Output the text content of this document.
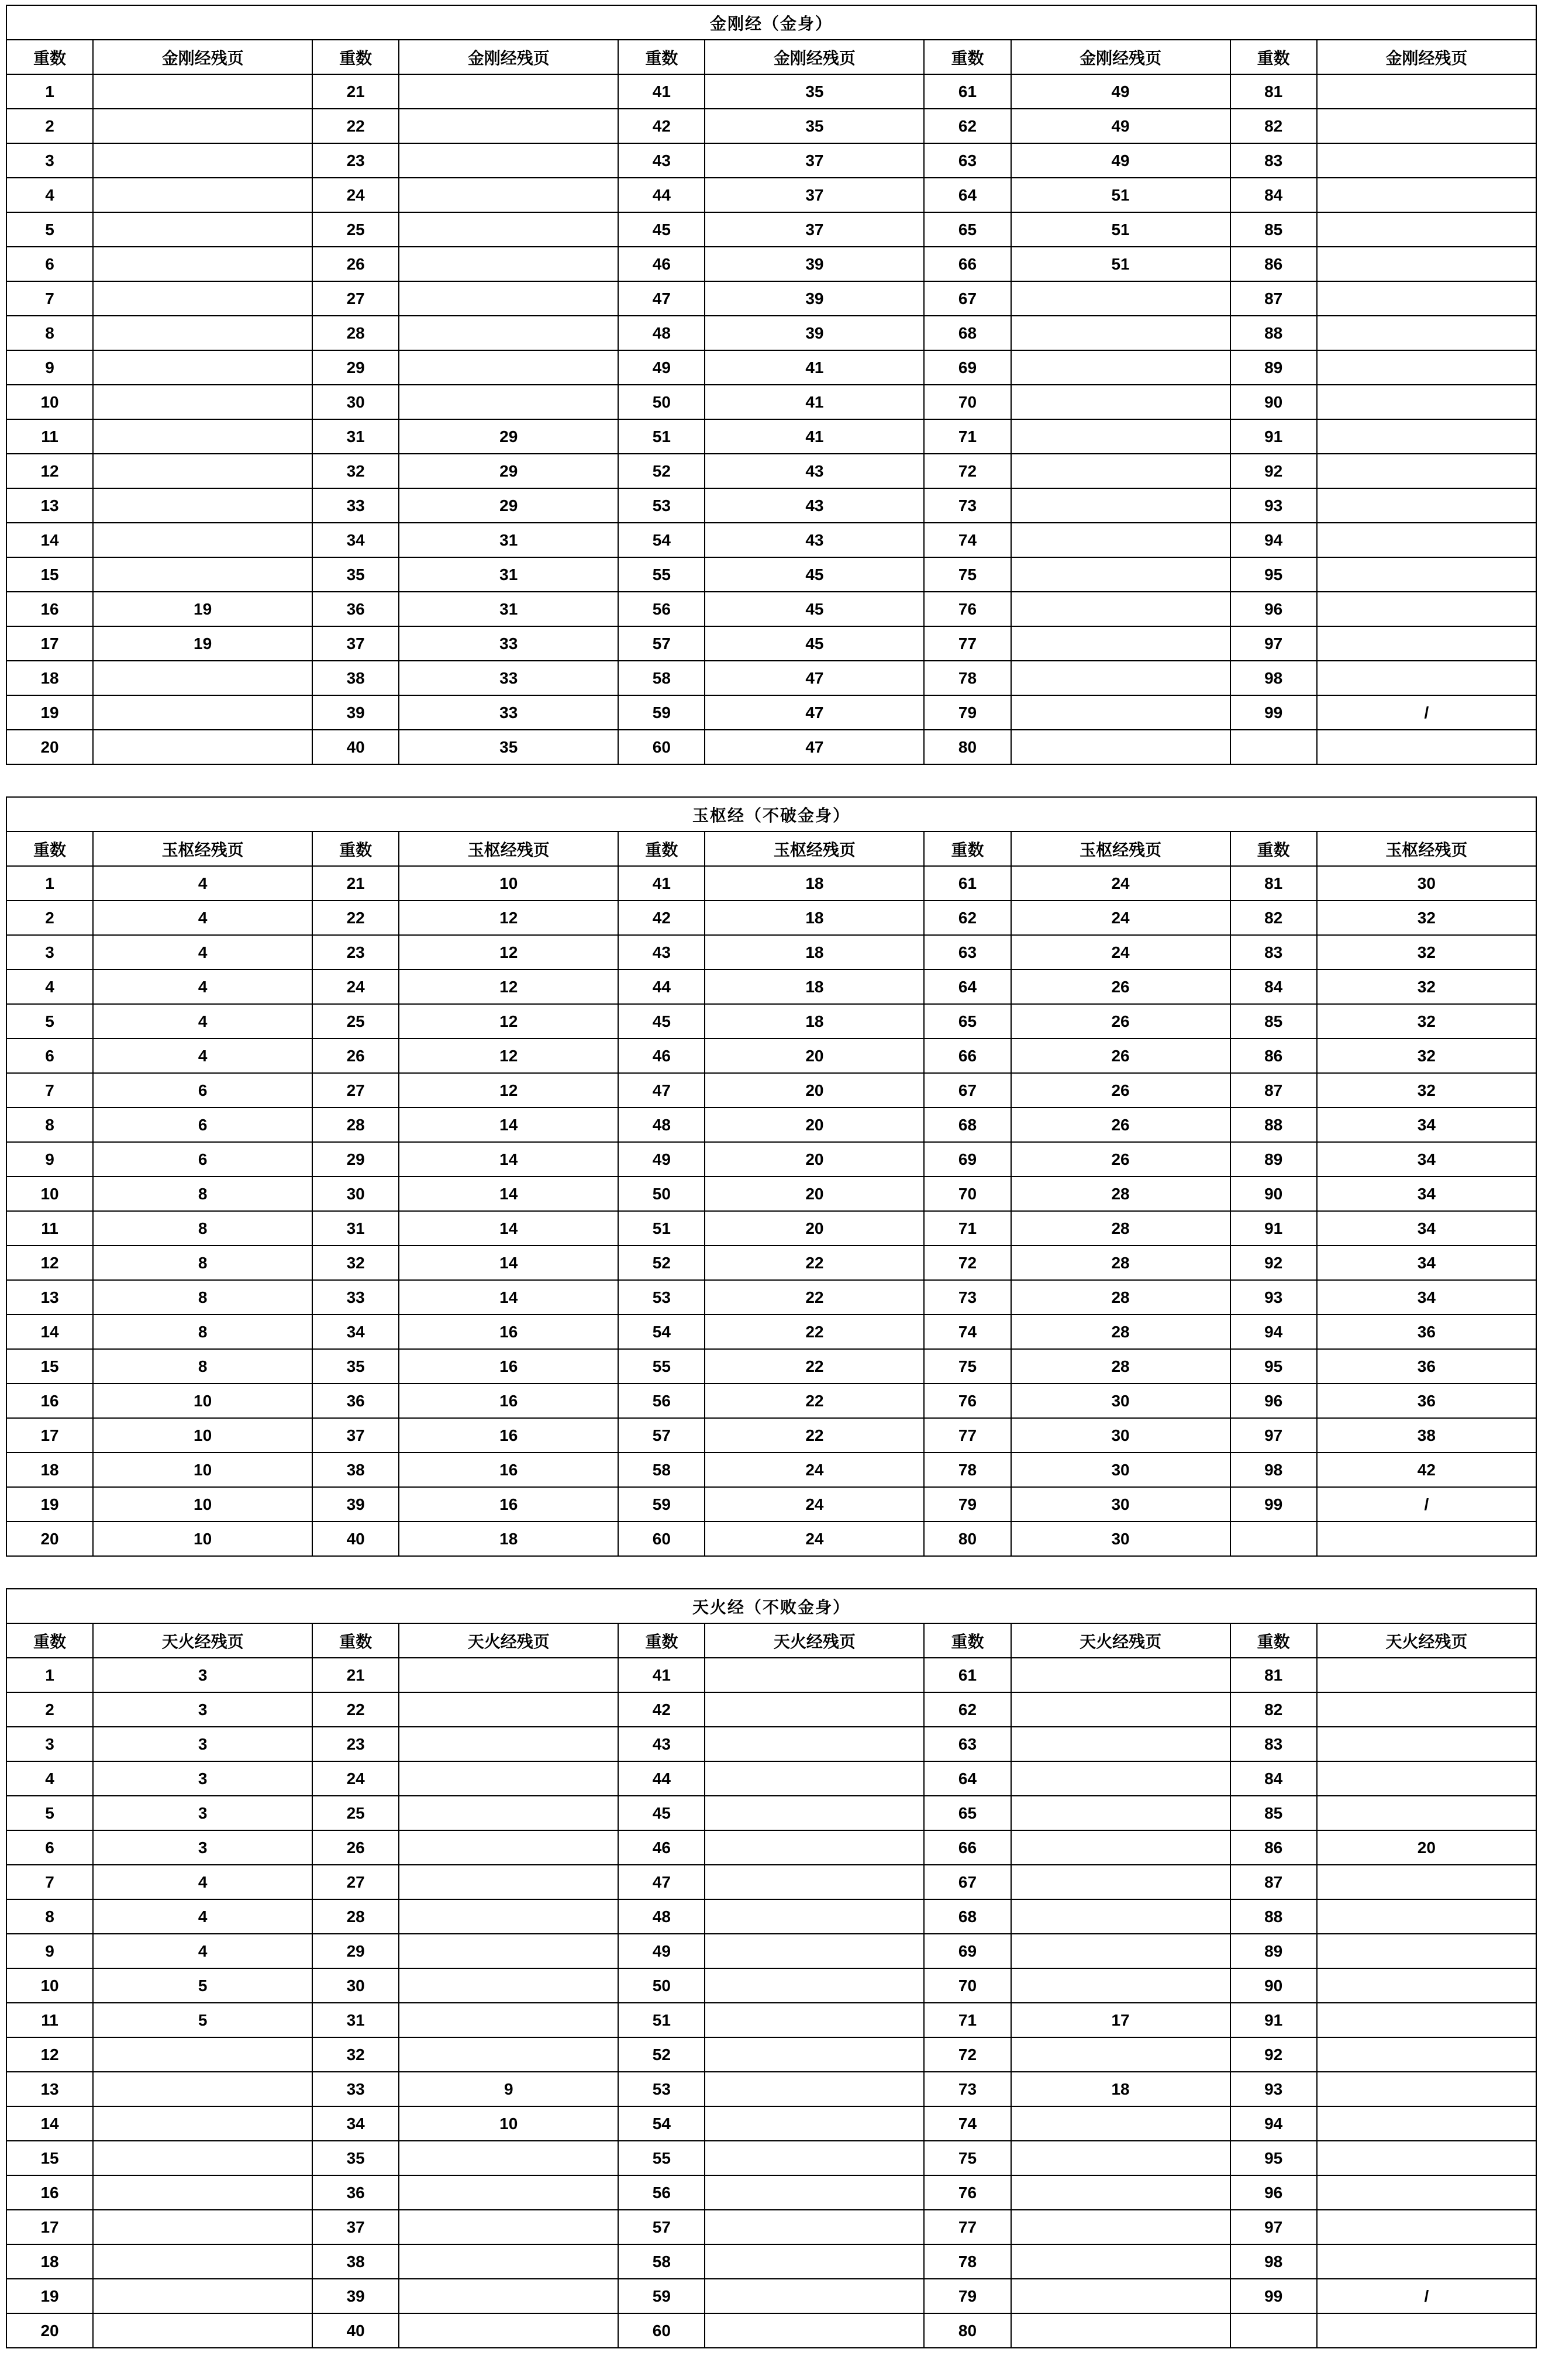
金刚经（金身）									
重数	金刚经残页	重数	金刚经残页	重数	金刚经残页	重数	金刚经残页	重数	金刚经残页
1		21		41	35	61	49	81	
2		22		42	35	62	49	82	
3		23		43	37	63	49	83	
4		24		44	37	64	51	84	
5		25		45	37	65	51	85	
6		26		46	39	66	51	86	
7		27		47	39	67		87	
8		28		48	39	68		88	
9		29		49	41	69		89	
10		30		50	41	70		90	
11		31	29	51	41	71		91	
12		32	29	52	43	72		92	
13		33	29	53	43	73		93	
14		34	31	54	43	74		94	
15		35	31	55	45	75		95	
16	19	36	31	56	45	76		96	
17	19	37	33	57	45	77		97	
18		38	33	58	47	78		98	
19		39	33	59	47	79		99	/
20		40	35	60	47	80			
玉枢经（不破金身）									
重数	玉枢经残页	重数	玉枢经残页	重数	玉枢经残页	重数	玉枢经残页	重数	玉枢经残页
1	4	21	10	41	18	61	24	81	30
2	4	22	12	42	18	62	24	82	32
3	4	23	12	43	18	63	24	83	32
4	4	24	12	44	18	64	26	84	32
5	4	25	12	45	18	65	26	85	32
6	4	26	12	46	20	66	26	86	32
7	6	27	12	47	20	67	26	87	32
8	6	28	14	48	20	68	26	88	34
9	6	29	14	49	20	69	26	89	34
10	8	30	14	50	20	70	28	90	34
11	8	31	14	51	20	71	28	91	34
12	8	32	14	52	22	72	28	92	34
13	8	33	14	53	22	73	28	93	34
14	8	34	16	54	22	74	28	94	36
15	8	35	16	55	22	75	28	95	36
16	10	36	16	56	22	76	30	96	36
17	10	37	16	57	22	77	30	97	38
18	10	38	16	58	24	78	30	98	42
19	10	39	16	59	24	79	30	99	/
20	10	40	18	60	24	80	30		
天火经（不败金身）									
重数	天火经残页	重数	天火经残页	重数	天火经残页	重数	天火经残页	重数	天火经残页
1	3	21		41		61		81	
2	3	22		42		62		82	
3	3	23		43		63		83	
4	3	24		44		64		84	
5	3	25		45		65		85	
6	3	26		46		66		86	20
7	4	27		47		67		87	
8	4	28		48		68		88	
9	4	29		49		69		89	
10	5	30		50		70		90	
11	5	31		51		71	17	91	
12		32		52		72		92	
13		33	9	53		73	18	93	
14		34	10	54		74		94	
15		35		55		75		95	
16		36		56		76		96	
17		37		57		77		97	
18		38		58		78		98	
19		39		59		79		99	/
20		40		60		80			
